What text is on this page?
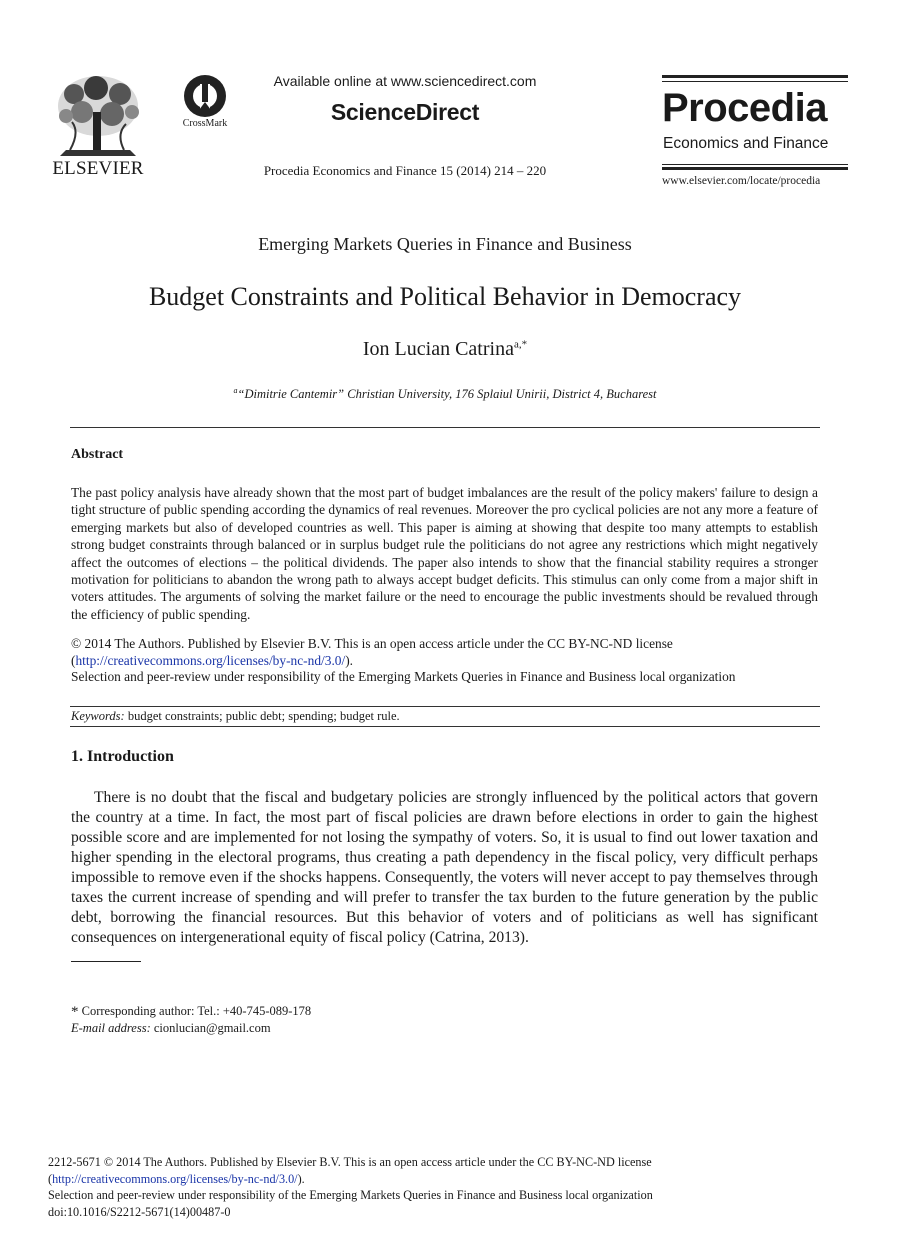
ELSEVIER
CrossMark
Available online at www.sciencedirect.com
ScienceDirect
Procedia Economics and Finance 15 (2014) 214 – 220
Procedia
Economics and Finance
www.elsevier.com/locate/procedia
Emerging Markets Queries in Finance and Business
Budget Constraints and Political Behavior in Democracy
Ion Lucian Catrina$^{a,*}$
$^a$“Dimitrie Cantemir” Christian University, 176 Splaiul Unirii, District 4, Bucharest
Abstract
The past policy analysis have already shown that the most part of budget imbalances are the result of the policy makers' failure to design a tight structure of public spending according the dynamics of real revenues. Moreover the pro cyclical policies are not any more a feature of emerging markets but also of developed countries as well. This paper is aiming at showing that despite too many attempts to establish strong budget constraints through balanced or in surplus budget rule the politicians do not agree any restrictions which might negatively affect the outcomes of elections – the political dividends. The paper also intends to show that the financial stability requires a stronger motivation for politicians to abandon the wrong path to always accept budget deficits. This stimulus can only come from a major shift in voters attitudes. The arguments of solving the market failure or the need to encourage the public investments should be revalued through the efficiency of public spending.
© 2014 The Authors. Published by Elsevier B.V. This is an open access article under the CC BY-NC-ND license
(http://creativecommons.org/licenses/by-nc-nd/3.0/).
Selection and peer-review under responsibility of the Emerging Markets Queries in Finance and Business local organization
Keywords: budget constraints; public debt; spending; budget rule.
1. Introduction
There is no doubt that the fiscal and budgetary policies are strongly influenced by the political actors that govern the country at a time. In fact, the most part of fiscal policies are drawn before elections in order to gain the highest possible score and are implemented for not losing the sympathy of voters. So, it is usual to find out lower taxation and higher spending in the electoral programs, thus creating a path dependency in the fiscal policy, very difficult perhaps impossible to remove even if the shocks happens. Consequently, the voters will never accept to pay themselves through taxes the current increase of spending and will prefer to transfer the tax burden to the future generation by the public debt, borrowing the financial resources. But this behavior of voters and of politicians as well has significant consequences on intergenerational equity of fiscal policy (Catrina, 2013).
* Corresponding author: Tel.: +40-745-089-178
E-mail address: cionlucian@gmail.com
2212-5671 © 2014 The Authors. Published by Elsevier B.V. This is an open access article under the CC BY-NC-ND license
(http://creativecommons.org/licenses/by-nc-nd/3.0/).
Selection and peer-review under responsibility of the Emerging Markets Queries in Finance and Business local organization
doi:10.1016/S2212-5671(14)00487-0
